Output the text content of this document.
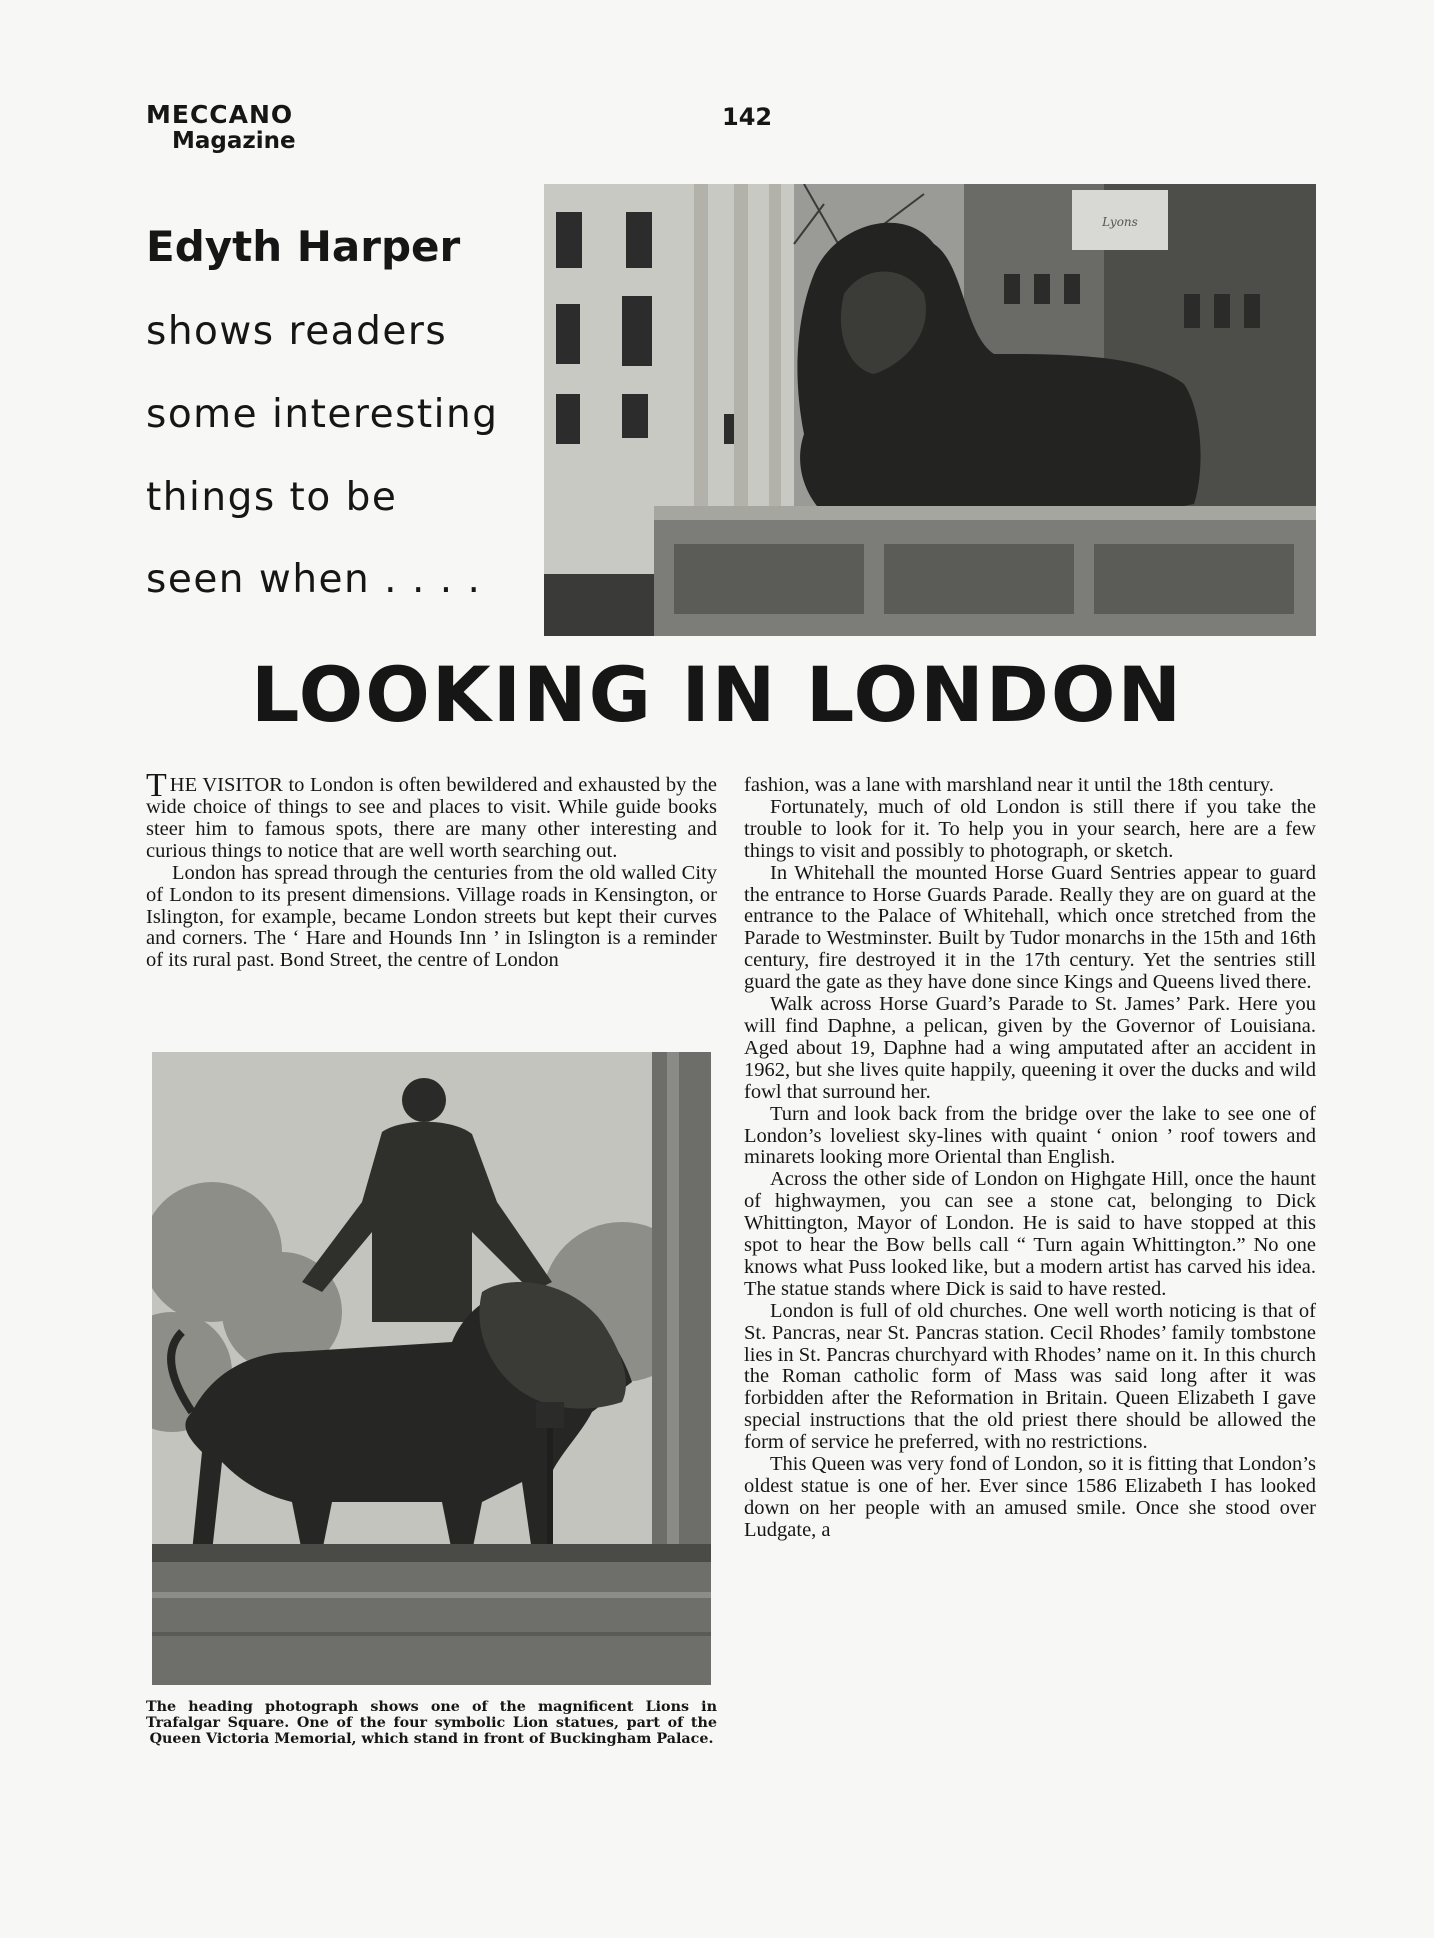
MECCANO
Magazine
142
Edyth Harper
shows readers
some interesting
things to be
seen when . . . .
Lyons
LOOKING IN LONDON

THE VISITOR to London is often bewildered and exhausted by the wide choice of things to see and places to visit. While guide books steer him to famous spots, there are many other interesting and curious things to notice that are well worth searching out.

London has spread through the centuries from the old walled City of London to its present dimensions. Village roads in Kensington, or Islington, for example, became London streets but kept their curves and corners. The ‘ Hare and Hounds Inn ’ in Islington is a reminder of its rural past. Bond Street, the centre of London

The heading photograph shows one of the magnificent Lions in Trafalgar Square. One of the four symbolic Lion statues, part of the Queen Victoria Memorial, which stand in front of Buckingham Palace.

fashion, was a lane with marshland near it until the 18th century.

Fortunately, much of old London is still there if you take the trouble to look for it. To help you in your search, here are a few things to visit and possibly to photograph, or sketch.

In Whitehall the mounted Horse Guard Sentries appear to guard the entrance to Horse Guards Parade. Really they are on guard at the entrance to the Palace of Whitehall, which once stretched from the Parade to Westminster. Built by Tudor monarchs in the 15th and 16th century, fire destroyed it in the 17th century. Yet the sentries still guard the gate as they have done since Kings and Queens lived there.

Walk across Horse Guard’s Parade to St. James’ Park. Here you will find Daphne, a pelican, given by the Governor of Louisiana. Aged about 19, Daphne had a wing amputated after an accident in 1962, but she lives quite happily, queening it over the ducks and wild fowl that surround her.

Turn and look back from the bridge over the lake to see one of London’s loveliest sky-lines with quaint ‘ onion ’ roof towers and minarets looking more Oriental than English.

Across the other side of London on Highgate Hill, once the haunt of highwaymen, you can see a stone cat, belonging to Dick Whittington, Mayor of London. He is said to have stopped at this spot to hear the Bow bells call “ Turn again Whittington.” No one knows what Puss looked like, but a modern artist has carved his idea. The statue stands where Dick is said to have rested.

London is full of old churches. One well worth noticing is that of St. Pancras, near St. Pancras station. Cecil Rhodes’ family tombstone lies in St. Pancras churchyard with Rhodes’ name on it. In this church the Roman catholic form of Mass was said long after it was forbidden after the Reformation in Britain. Queen Elizabeth I gave special instructions that the old priest there should be allowed the form of service he preferred, with no restrictions.

This Queen was very fond of London, so it is fitting that London’s oldest statue is one of her. Ever since 1586 Elizabeth I has looked down on her people with an amused smile. Once she stood over Ludgate, a
